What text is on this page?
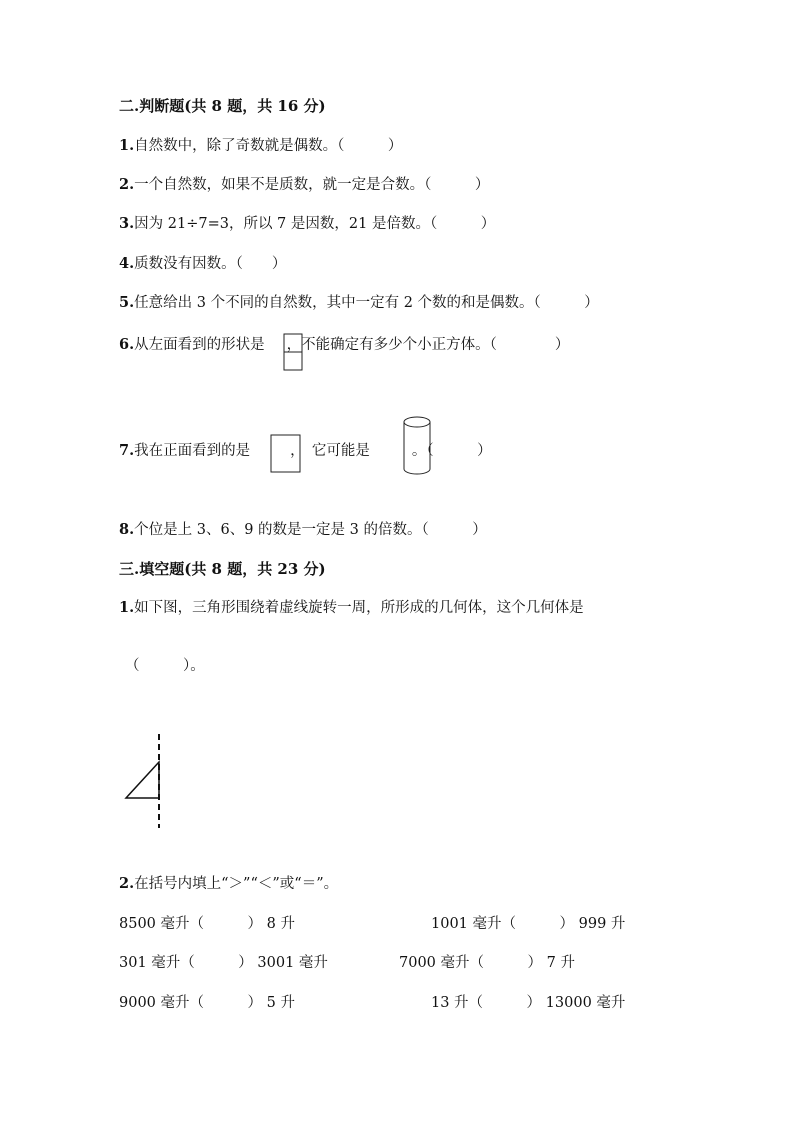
二.判断题(共 8 题，共 16 分)
1.自然数中，除了奇数就是偶数。（　　　）
2.一个自然数，如果不是质数，就一定是合数。（　　　）
3.因为 21÷7=3，所以 7 是因数，21 是倍数。（　　　）
4.质数没有因数。（　　）
5.任意给出 3 个不同的自然数，其中一定有 2 个数的和是偶数。（　　　）
6.从左面看到的形状是 ，不能确定有多少个小正方体。（　　　　）
7.我在正面看到的是	，　它可能是	。（　　　）
8.个位是上 3、6、9 的数是一定是 3 的倍数。（　　　）
三.填空题(共 8 题，共 23 分)
1.如下图，三角形围绕着虚线旋转一周，所形成的几何体，这个几何体是
（　　　）。
2.在括号内填上“＞”“＜”或“＝”。
8500 毫升（　　　） 8 升	1001 毫升（　　　） 999 升
301 毫升（　　　） 3001 毫升	7000 毫升（　　　） 7 升
9000 毫升（　　　） 5 升	13 升（　　　） 13000 毫升
